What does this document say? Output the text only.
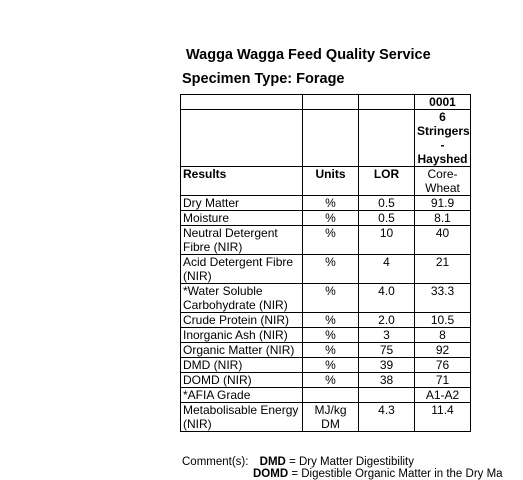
Wagga Wagga Feed Quality Service
Specimen Type: Forage
			0001

			6
Stringers
-
Hayshed

Results	Units	LOR	Core-
Wheat

Dry Matter	%	0.5	91.9
Moisture	%	0.5	8.1
Neutral Detergent Fibre (NIR)	%	10	40
Acid Detergent Fibre (NIR)	%	4	21
*Water Soluble Carbohydrate (NIR)	%	4.0	33.3
Crude Protein (NIR)	%	2.0	10.5
Inorganic Ash (NIR)	%	3	8
Organic Matter (NIR)	%	75	92
DMD (NIR)	%	39	76
DOMD (NIR)	%	38	71
*AFIA Grade			A1-A2
Metabolisable Energy (NIR)	MJ/kg DM	4.3	11.4
Comment(s): DMD = Dry Matter Digestibility
DOMD = Digestible Organic Matter in the Dry Ma
